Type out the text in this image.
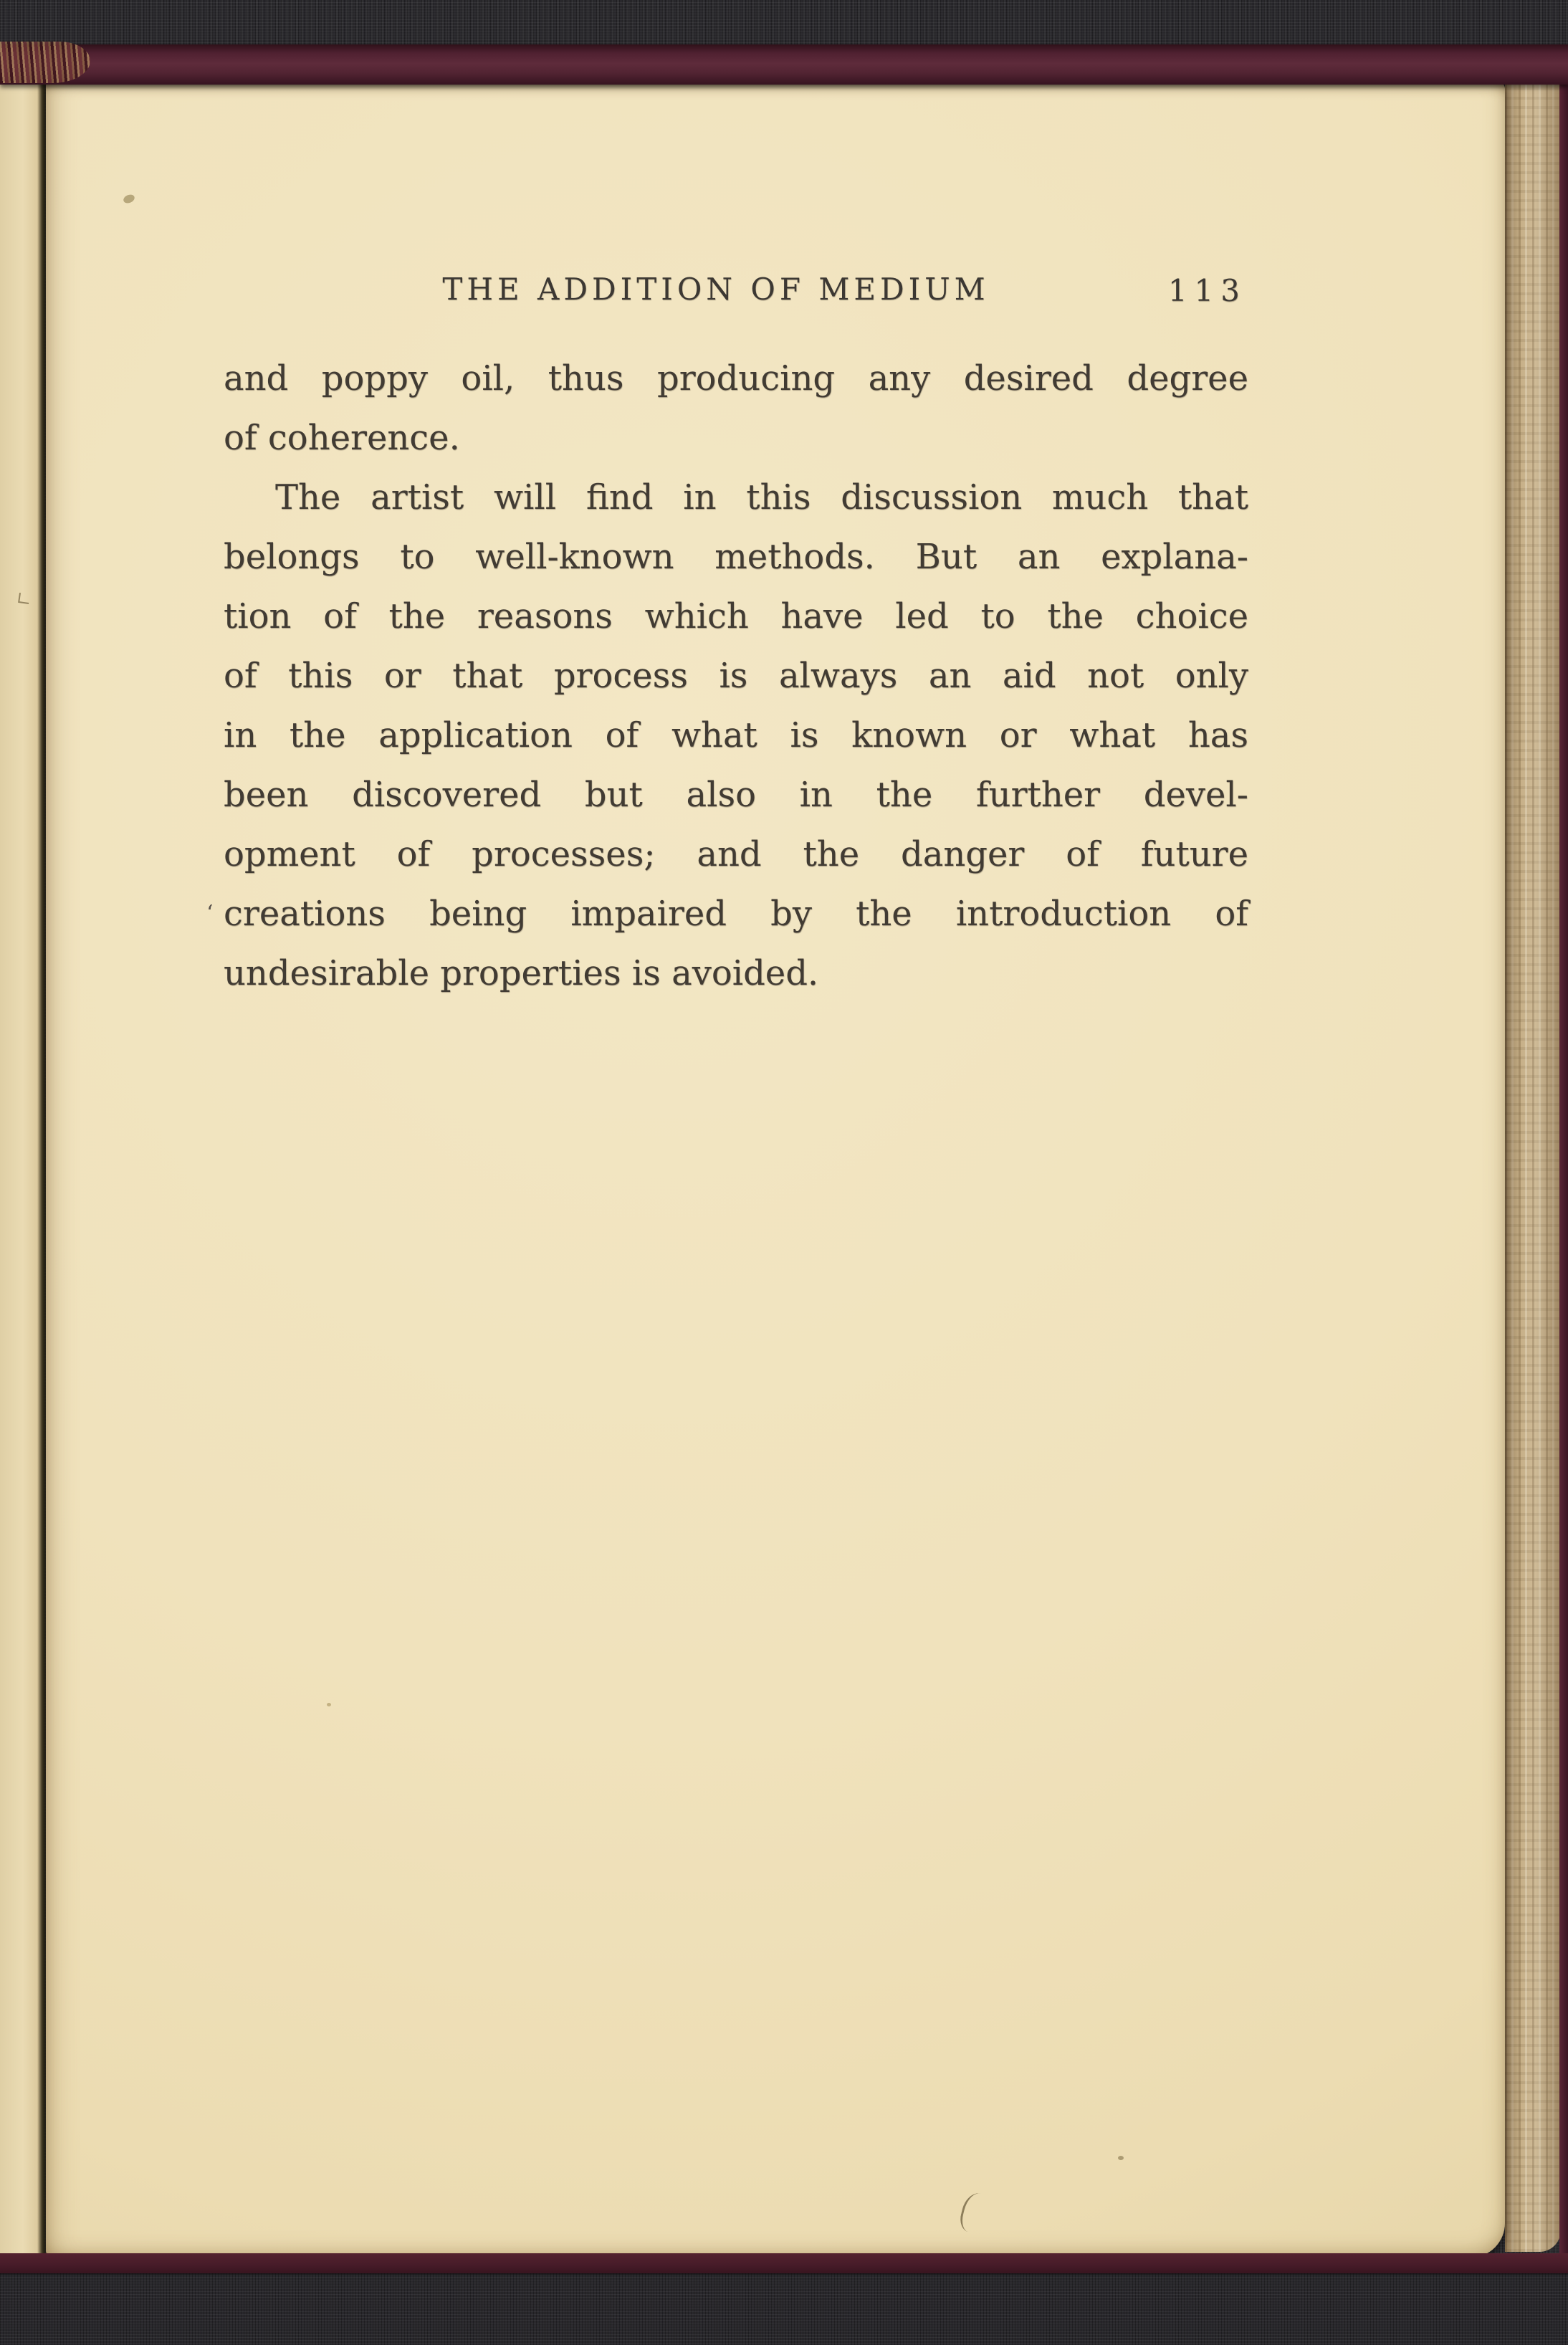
THE ADDITION OF MEDIUM	113
and poppy oil, thus producing any desired degree
of coherence.
The artist will find in this discussion much that
belongs to well-known methods. But an explana-
tion of the reasons which have led to the choice
of this or that process is always an aid not only
in the application of what is known or what has
been discovered but also in the further devel-
opment of processes; and the danger of future
creations being impaired by the introduction of
undesirable properties is avoided.
‘
